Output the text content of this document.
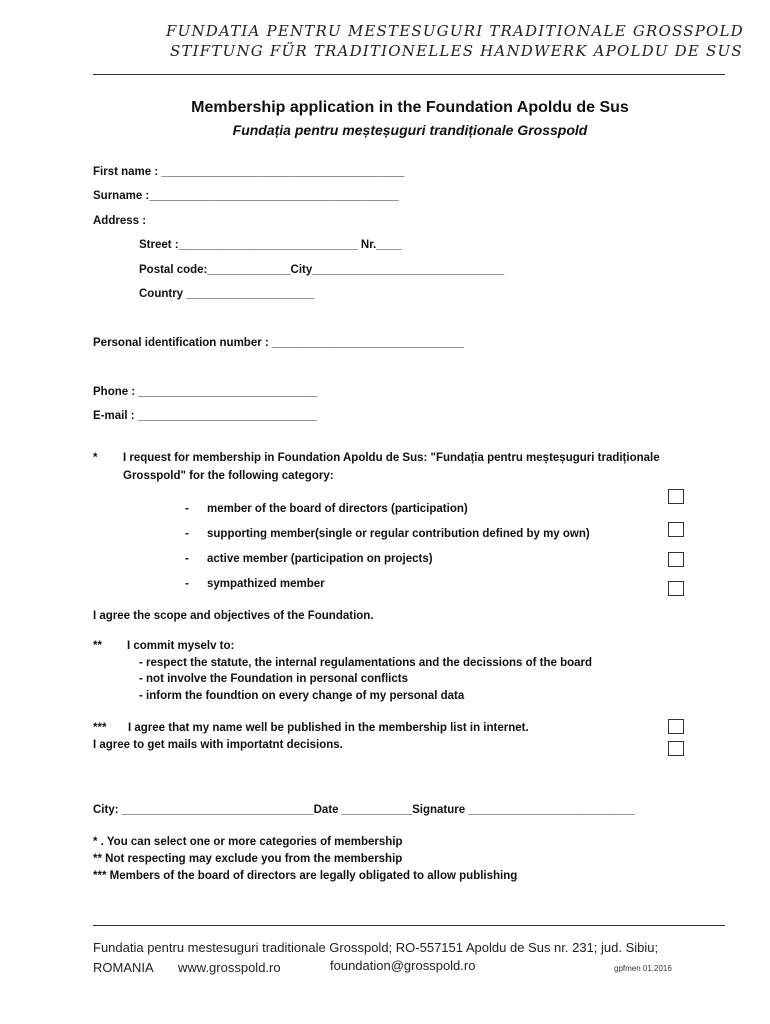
FUNDATIA PENTRU MESTESUGURI TRADITIONALE GROSSPOLD
STIFTUNG FÜR TRADITIONELLES HANDWERK APOLDU DE SUS
Membership application in the Foundation Apoldu de Sus
Fundația pentru meșteșuguri trandiționale Grosspold
First name : ______________________________________
Surname :_______________________________________
Address :
Street :____________________________ Nr.____
Postal code:_____________City______________________________
Country ____________________
Personal identification number : ______________________________
Phone : ____________________________
E-mail : ____________________________
* I request for membership in Foundation Apoldu de Sus: "Fundația pentru meșteșuguri tradiționale
Grosspold" for the following category:
- member of the board of directors (participation)
- supporting member(single or regular contribution defined by my own)
- active member (participation on projects)
- sympathized member
I agree the scope and objectives of the Foundation.
** I commit myselv to:
- respect the statute, the internal regulamentations and the decissions of the board
- not involve the Foundation in personal conflicts
- inform the foundtion on every change of my personal data
*** I agree that my name well be published in the membership list in internet.
I agree to get mails with importatnt decisions.
City: ______________________________Date ___________Signature __________________________
* . You can select one or more categories of membership
** Not respecting may exclude you from the membership
*** Members of the board of directors are legally obligated to allow publishing
Fundatia pentru mestesuguri traditionale Grosspold; RO-557151 Apoldu de Sus nr. 231; jud. Sibiu;
ROMANIA www.grosspold.ro	foundation@grosspold.ro	gpfmen 01.2016
